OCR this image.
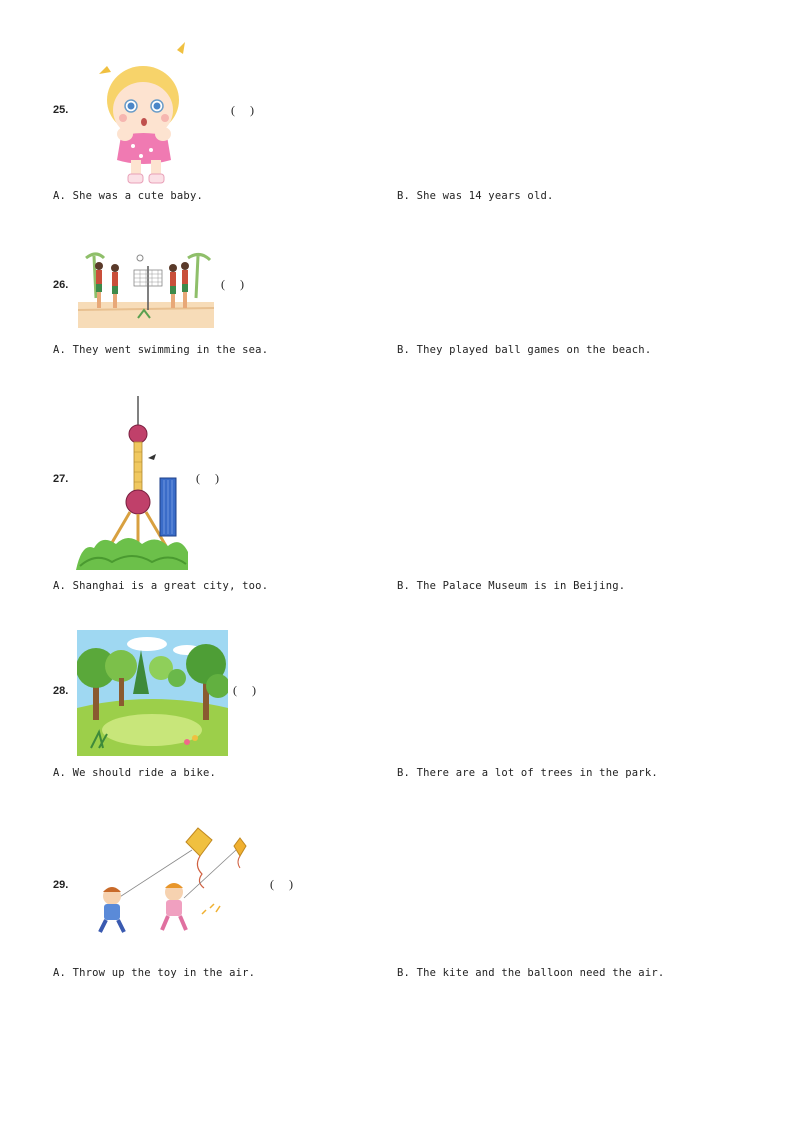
25.	(     )
A. She was a cute baby.	B. She was 14 years old.
26.	(     )
A. They went swimming in the sea.	B. They played ball games on the beach.
27.	(     )
A. Shanghai is a great city, too.	B. The Palace Museum is in Beijing.
28.	(     )
A. We should ride a bike.	B. There are a lot of trees in the park.
29.	(     )
A. Throw up the toy in the air.	B. The kite and the balloon need the air.
